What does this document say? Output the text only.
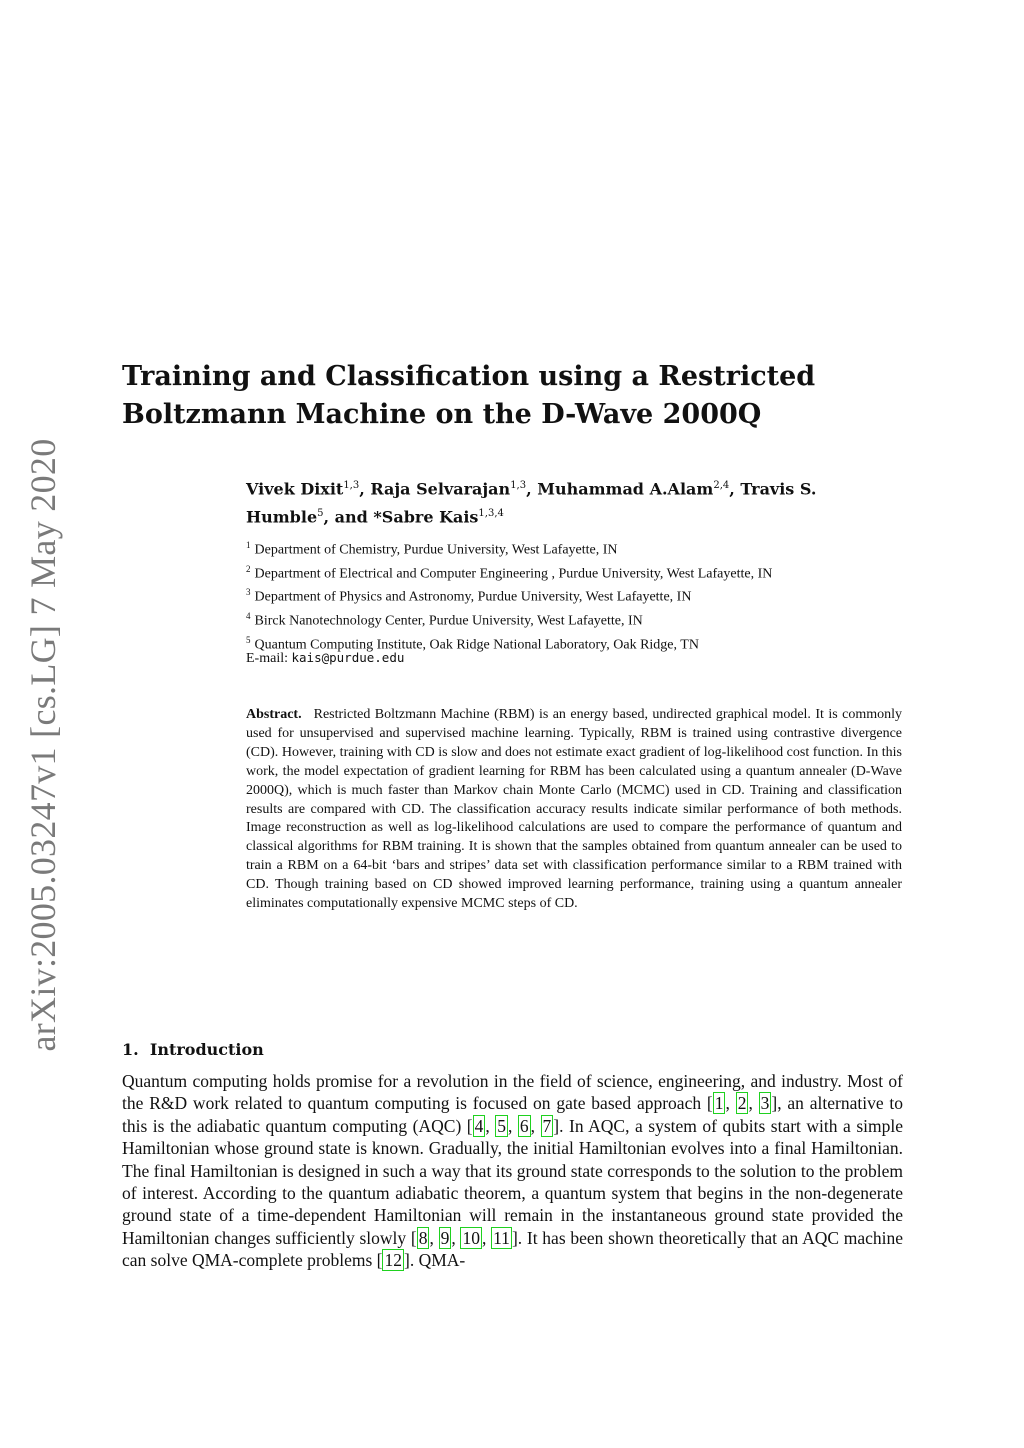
arXiv:2005.03247v1 [cs.LG] 7 May 2020
Training and Classification using a Restricted
Boltzmann Machine on the D-Wave 2000Q
Vivek Dixit$^{1,3}$, Raja Selvarajan$^{1,3}$, Muhammad A.Alam$^{2,4}$, Travis S. Humble$^5$, and *Sabre Kais$^{1,3,4}$
$^1$ Department of Chemistry, Purdue University, West Lafayette, IN
$^2$ Department of Electrical and Computer Engineering , Purdue University, West Lafayette, IN
$^3$ Department of Physics and Astronomy, Purdue University, West Lafayette, IN
$^4$ Birck Nanotechnology Center, Purdue University, West Lafayette, IN
$^5$ Quantum Computing Institute, Oak Ridge National Laboratory, Oak Ridge, TN
E-mail: kais@purdue.edu
Abstract. Restricted Boltzmann Machine (RBM) is an energy based, undirected graphical model. It is commonly used for unsupervised and supervised machine learning. Typically, RBM is trained using contrastive divergence (CD). However, training with CD is slow and does not estimate exact gradient of log-likelihood cost function. In this work, the model expectation of gradient learning for RBM has been calculated using a quantum annealer (D-Wave 2000Q), which is much faster than Markov chain Monte Carlo (MCMC) used in CD. Training and classification results are compared with CD. The classification accuracy results indicate similar performance of both methods. Image reconstruction as well as log-likelihood calculations are used to compare the performance of quantum and classical algorithms for RBM training. It is shown that the samples obtained from quantum annealer can be used to train a RBM on a 64-bit ‘bars and stripes’ data set with classification performance similar to a RBM trained with CD. Though training based on CD showed improved learning performance, training using a quantum annealer eliminates computationally expensive MCMC steps of CD.
1. Introduction
Quantum computing holds promise for a revolution in the field of science, engineering, and industry. Most of the R&D work related to quantum computing is focused on gate based approach [ 1 , 2 , 3 ], an alternative to this is the adiabatic quantum computing (AQC) [ 4 , 5 , 6 , 7 ]. In AQC, a system of qubits start with a simple Hamiltonian whose ground state is known. Gradually, the initial Hamiltonian evolves into a final Hamiltonian. The final Hamiltonian is designed in such a way that its ground state corresponds to the solution to the problem of interest. According to the quantum adiabatic theorem, a quantum system that begins in the non-degenerate ground state of a time-dependent Hamiltonian will remain in the instantaneous ground state provided the Hamiltonian changes sufficiently slowly [ 8 , 9 , 10 , 11 ]. It has been shown theoretically that an AQC machine can solve QMA-complete problems [ 12 ]. QMA-
